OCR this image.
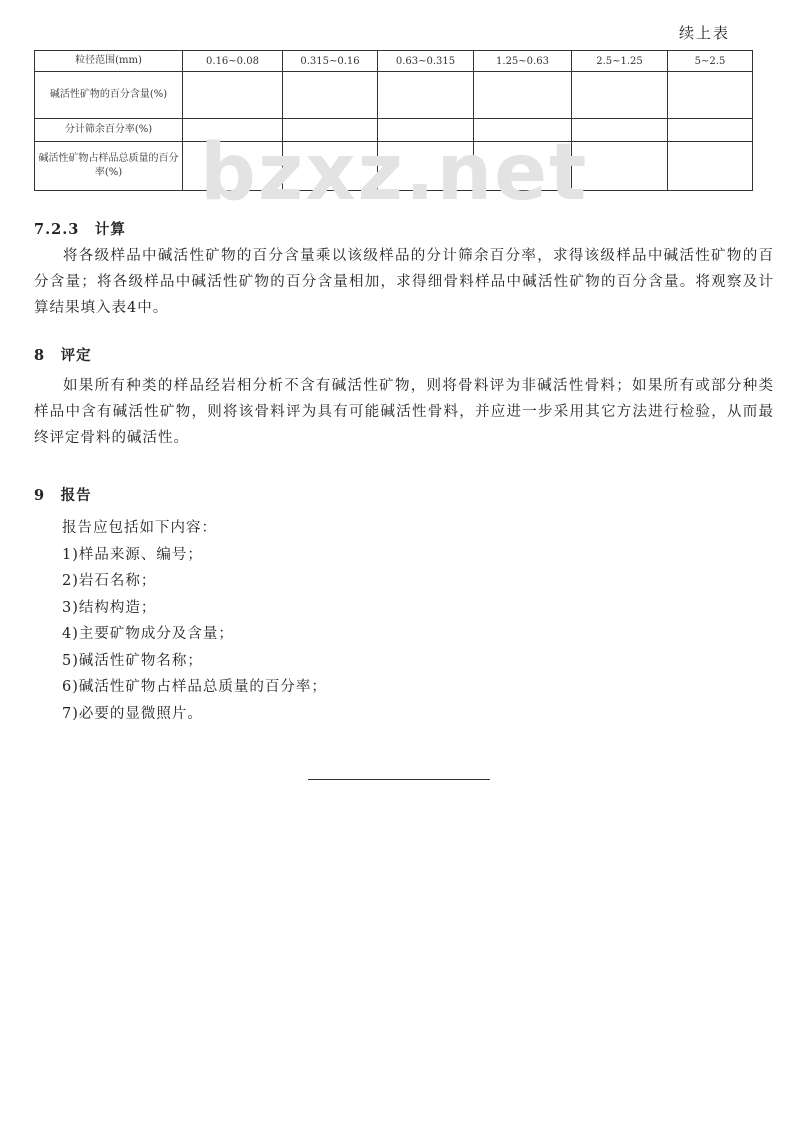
续上表
粒径范围(mm)	0.16~0.08	0.315~0.16	0.63~0.315	1.25~0.63	2.5~1.25	5~2.5
碱活性矿物的百分含量(%)						
分计筛余百分率(%)						
碱活性矿物占样品总质量的百分率(%)						bzxz.net
7.2.3　计算
将各级样品中碱活性矿物的百分含量乘以该级样品的分计筛余百分率，求得该级样品中碱活性矿物的百分含量；将各级样品中碱活性矿物的百分含量相加，求得细骨料样品中碱活性矿物的百分含量。将观察及计算结果填入表4中。
8　评定
如果所有种类的样品经岩相分析不含有碱活性矿物，则将骨料评为非碱活性骨料；如果所有或部分种类样品中含有碱活性矿物，则将该骨料评为具有可能碱活性骨料，并应进一步采用其它方法进行检验，从而最终评定骨料的碱活性。
9　报告
报告应包括如下内容：
1)样品来源、编号；
2)岩石名称；
3)结构构造；
4)主要矿物成分及含量；
5)碱活性矿物名称；
6)碱活性矿物占样品总质量的百分率；
7)必要的显微照片。
